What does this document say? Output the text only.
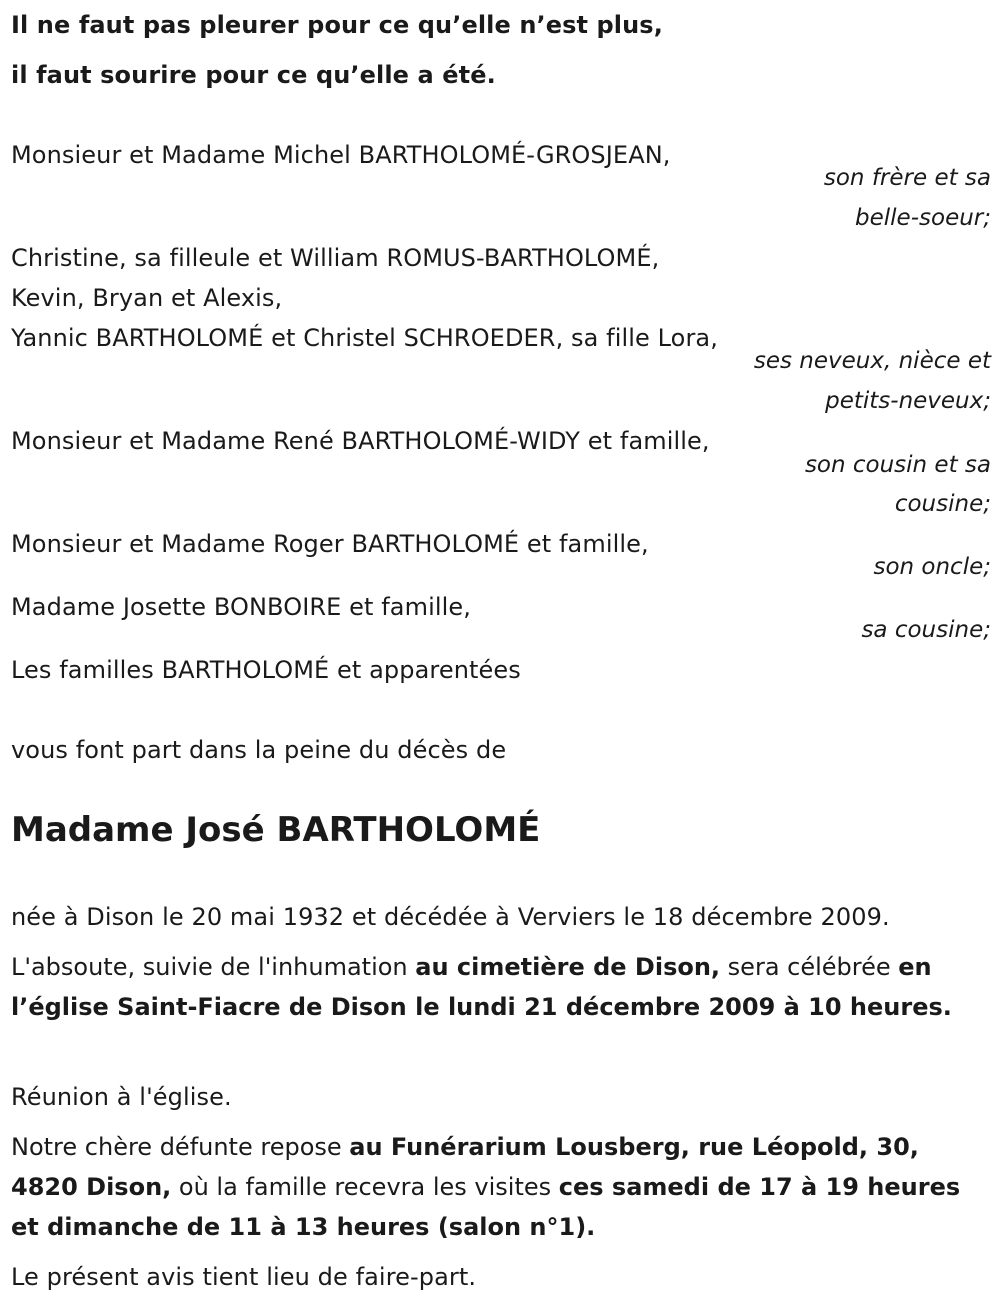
Il ne faut pas pleurer pour ce qu’elle n’est plus,
il faut sourire pour ce qu’elle a été.
Monsieur et Madame Michel BARTHOLOMÉ-GROSJEAN,
son frère et sa
belle-soeur;
Christine, sa filleule et William ROMUS-BARTHOLOMÉ,
Kevin, Bryan et Alexis,
Yannic BARTHOLOMÉ et Christel SCHROEDER, sa fille Lora,
ses neveux, nièce et
petits-neveux;
Monsieur et Madame René BARTHOLOMÉ-WIDY et famille,
son cousin et sa
cousine;
Monsieur et Madame Roger BARTHOLOMÉ et famille,
son oncle;
Madame Josette BONBOIRE et famille,
sa cousine;
Les familles BARTHOLOMÉ et apparentées
vous font part dans la peine du décès de
Madame José BARTHOLOMÉ
née à Dison le 20 mai 1932 et décédée à Verviers le 18 décembre 2009.
L'absoute, suivie de l'inhumation au cimetière de Dison, sera célébrée en l’église Saint-Fiacre de Dison le lundi 21 décembre 2009 à 10 heures.
Réunion à l'église.
Notre chère défunte repose au Funérarium Lousberg, rue Léopold, 30, 4820 Dison, où la famille recevra les visites ces samedi de 17 à 19 heures et dimanche de 11 à 13 heures (salon n°1).
Le présent avis tient lieu de faire-part.
